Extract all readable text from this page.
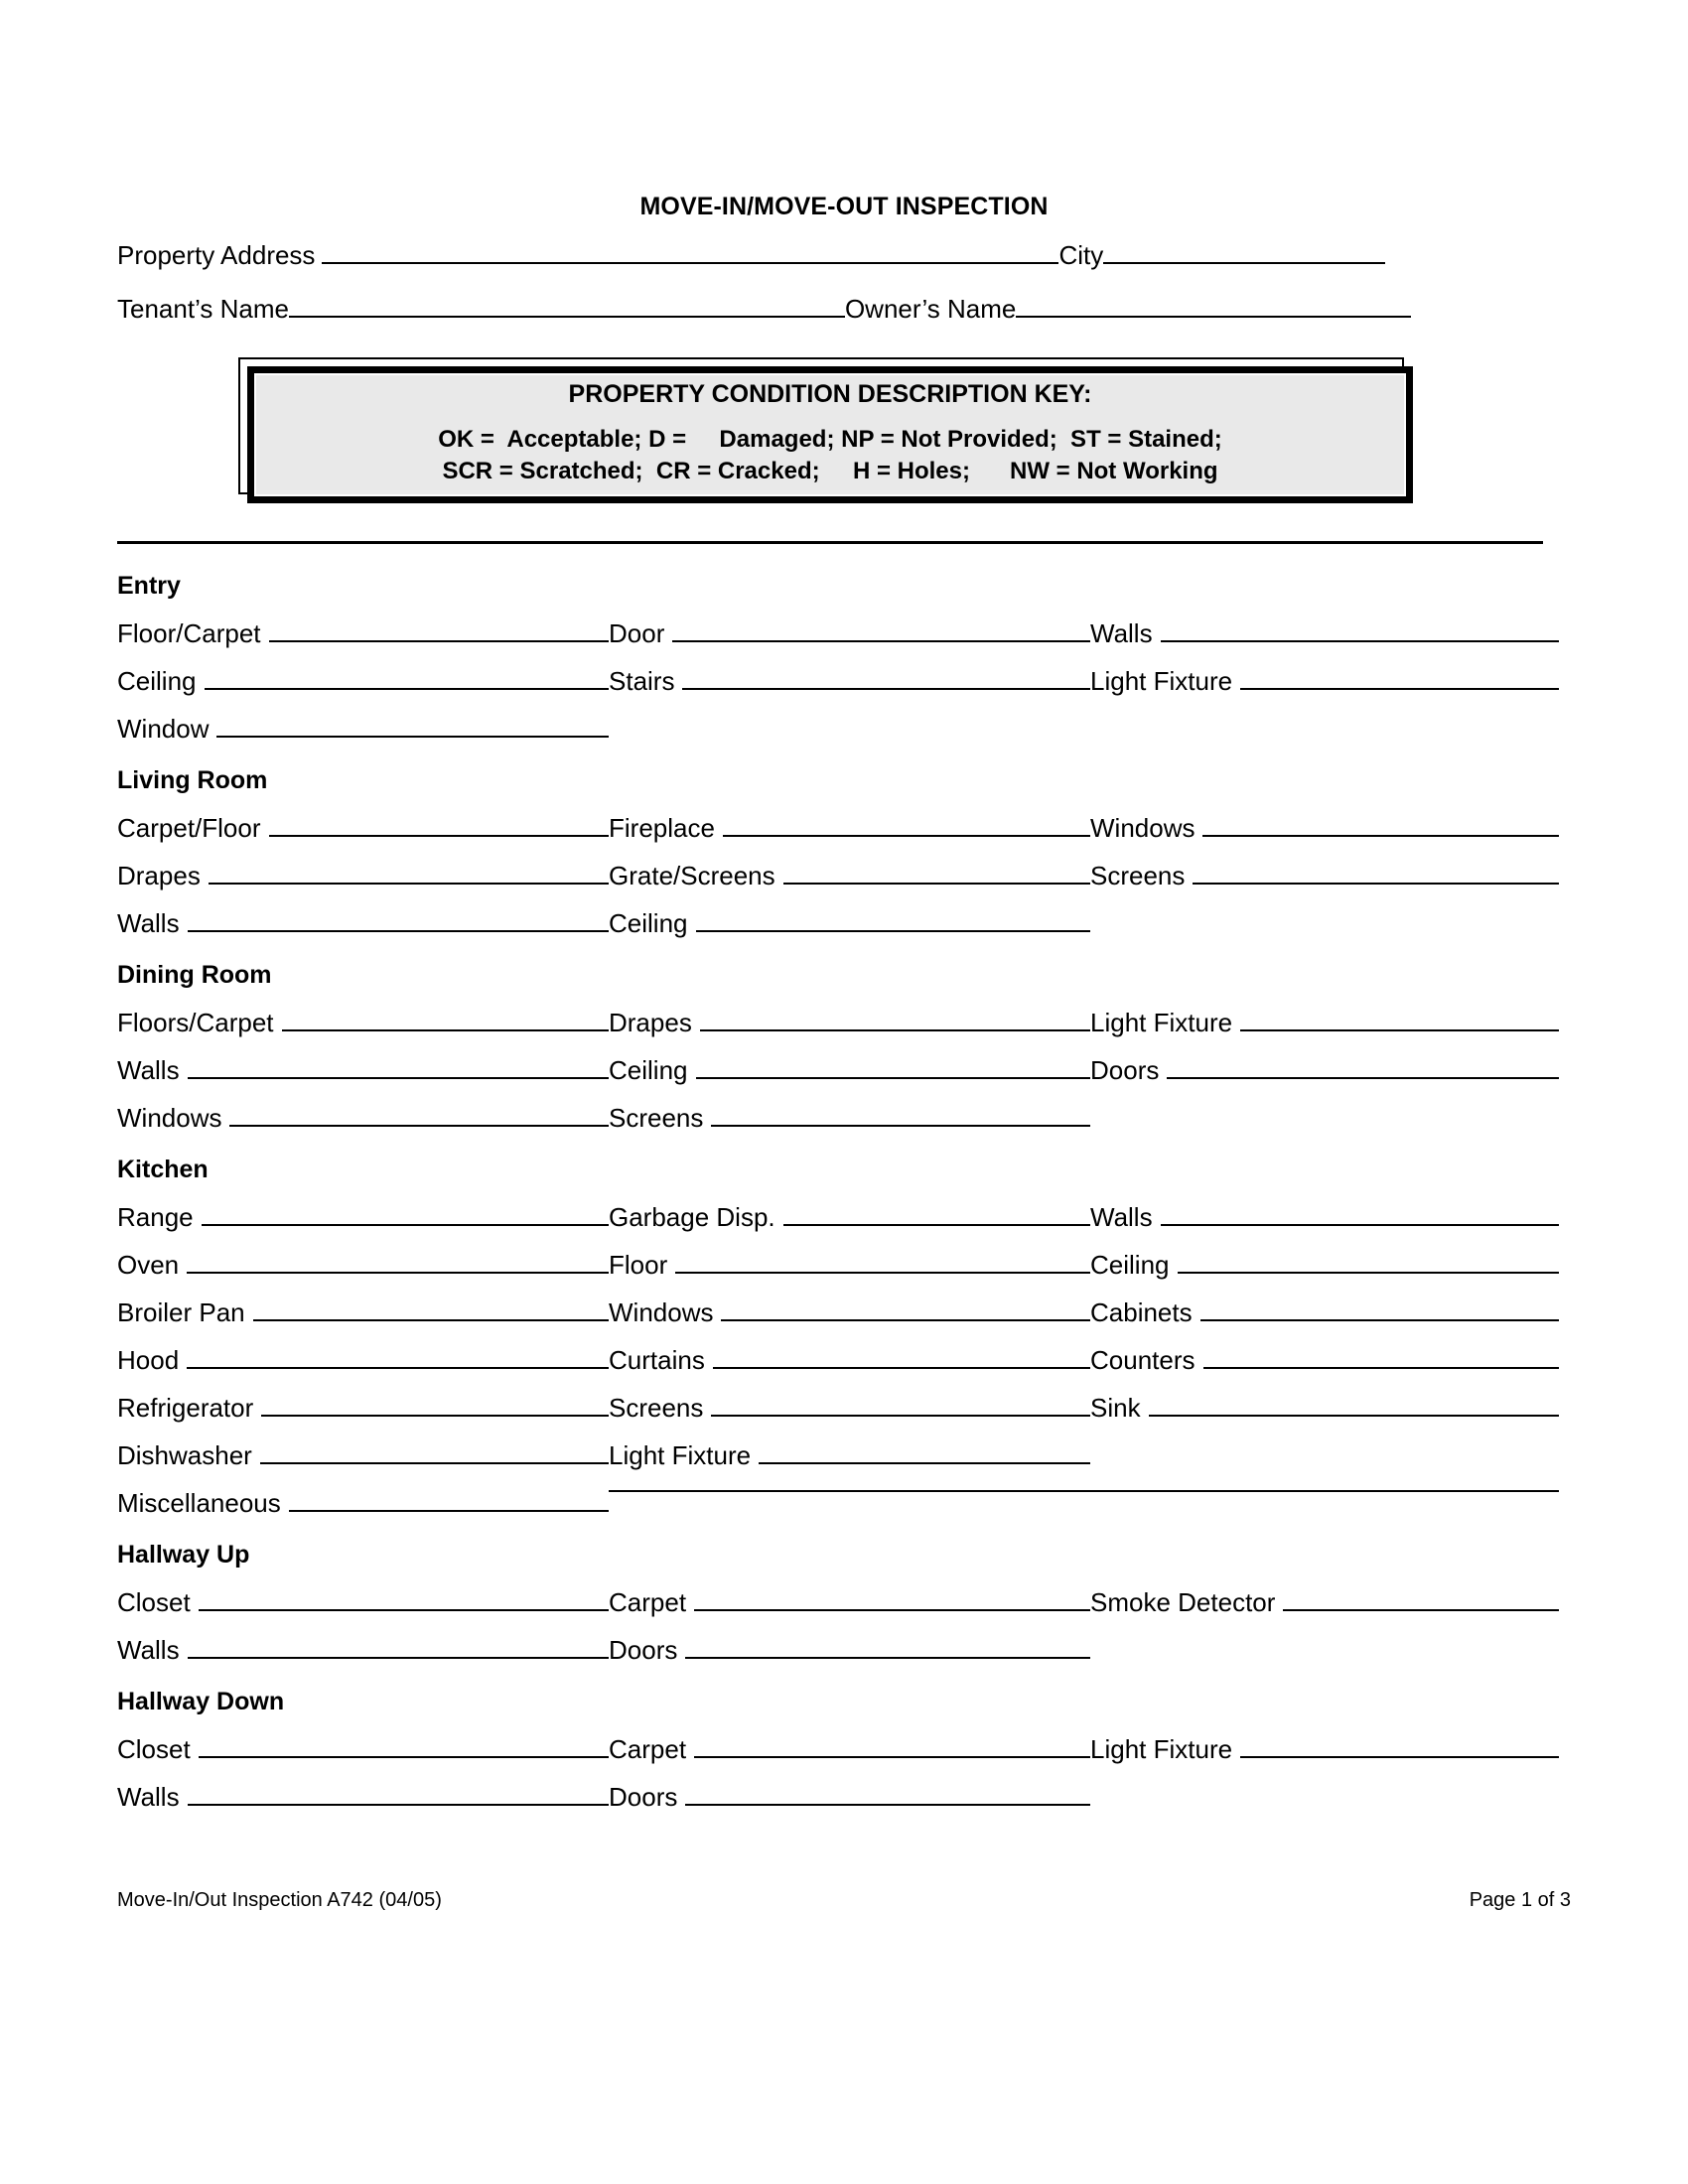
MOVE-IN/MOVE-OUT INSPECTION
Property Address	City
Tenant’s Name	Owner’s Name
PROPERTY CONDITION DESCRIPTION KEY:
OK =  Acceptable; D =     Damaged; NP = Not Provided;  ST = Stained;
SCR = Scratched;  CR = Cracked;     H = Holes;      NW = Not Working
Entry
Floor/Carpet	Door	Walls
Ceiling	Stairs	Light Fixture
Window
Living Room
Carpet/Floor	Fireplace	Windows
Drapes	Grate/Screens	Screens
Walls	Ceiling
Dining Room
Floors/Carpet	Drapes	Light Fixture
Walls	Ceiling	Doors
Windows	Screens
Kitchen
Range	Garbage Disp.	Walls
Oven	Floor	Ceiling
Broiler Pan	Windows	Cabinets
Hood	Curtains	Counters
Refrigerator	Screens	Sink
Dishwasher	Light Fixture
Miscellaneous
Hallway Up
Closet	Carpet	Smoke Detector
Walls	Doors
Hallway Down
Closet	Carpet	Light Fixture
Walls	Doors
Move-In/Out Inspection A742 (04/05)	Page 1 of 3
